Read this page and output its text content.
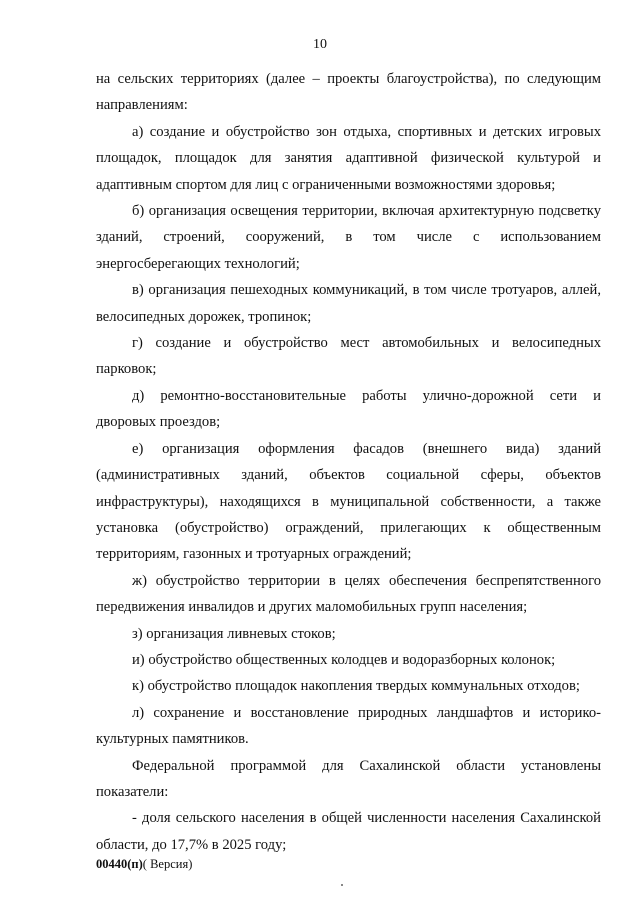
10

на сельских территориях (далее – проекты благоустройства), по следующим направлениям:

а) создание и обустройство зон отдыха, спортивных и детских игровых площадок, площадок для занятия адаптивной физической культурой и адаптивным спортом для лиц с ограниченными возможностями здоровья;

б) организация освещения территории, включая архитектурную подсветку зданий, строений, сооружений, в том числе с использованием энергосберегающих технологий;

в) организация пешеходных коммуникаций, в том числе тротуаров, аллей, велосипедных дорожек, тропинок;

г) создание и обустройство мест автомобильных и велосипедных парковок;

д) ремонтно-восстановительные работы улично-дорожной сети и дворовых проездов;

е) организация оформления фасадов (внешнего вида) зданий (административных зданий, объектов социальной сферы, объектов инфраструктуры), находящихся в муниципальной собственности, а также установка (обустройство) ограждений, прилегающих к общественным территориям, газонных и тротуарных ограждений;

ж) обустройство территории в целях обеспечения беспрепятственного передвижения инвалидов и других маломобильных групп населения;

з) организация ливневых стоков;

и) обустройство общественных колодцев и водоразборных колонок;

к) обустройство площадок накопления твердых коммунальных отходов;

л) сохранение и восстановление природных ландшафтов и историко-культурных памятников.

Федеральной программой для Сахалинской области установлены показатели:

- доля сельского населения в общей численности населения Сахалинской области, до 17,7% в 2025 году;

00440(п)( Версия)
